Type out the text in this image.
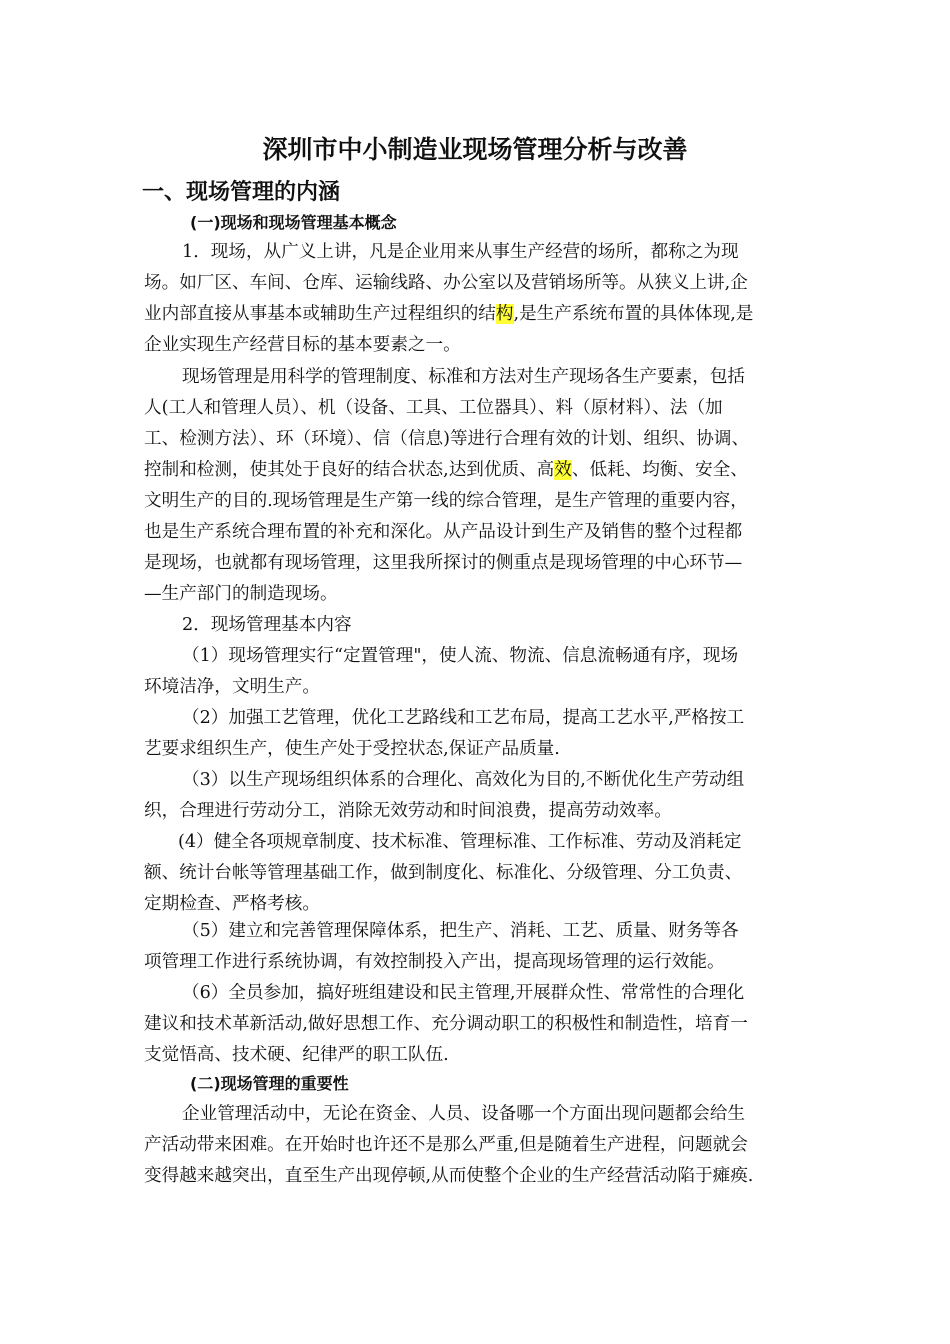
深圳市中小制造业现场管理分析与改善
一、现场管理的内涵
(一)现场和现场管理基本概念
1．现场，从广义上讲，凡是企业用来从事生产经营的场所，都称之为现
场。如厂区、车间、仓库、运输线路、办公室以及营销场所等。从狭义上讲,企
业内部直接从事基本或辅助生产过程组织的结构,是生产系统布置的具体体现,是
企业实现生产经营目标的基本要素之一。
现场管理是用科学的管理制度、标准和方法对生产现场各生产要素，包括
人(工人和管理人员）、机（设备、工具、工位器具）、料（原材料）、法（加
工、检测方法）、环（环境）、信（信息)等进行合理有效的计划、组织、协调、
控制和检测，使其处于良好的结合状态,达到优质、高效、低耗、均衡、安全、
文明生产的目的.现场管理是生产第一线的综合管理，是生产管理的重要内容，
也是生产系统合理布置的补充和深化。从产品设计到生产及销售的整个过程都
是现场，也就都有现场管理，这里我所探讨的侧重点是现场管理的中心环节—
—生产部门的制造现场。
2．现场管理基本内容
（1）现场管理实行“定置管理"，使人流、物流、信息流畅通有序，现场
环境洁净，文明生产。
（2）加强工艺管理，优化工艺路线和工艺布局，提高工艺水平,严格按工
艺要求组织生产，使生产处于受控状态,保证产品质量.
（3）以生产现场组织体系的合理化、高效化为目的,不断优化生产劳动组
织，合理进行劳动分工，消除无效劳动和时间浪费，提高劳动效率。
(4）健全各项规章制度、技术标准、管理标准、工作标准、劳动及消耗定
额、统计台帐等管理基础工作，做到制度化、标准化、分级管理、分工负责、
定期检查、严格考核。
（5）建立和完善管理保障体系，把生产、消耗、工艺、质量、财务等各
项管理工作进行系统协调，有效控制投入产出，提高现场管理的运行效能。
（6）全员参加，搞好班组建设和民主管理,开展群众性、常常性的合理化
建议和技术革新活动,做好思想工作、充分调动职工的积极性和制造性，培育一
支觉悟高、技术硬、纪律严的职工队伍.
(二)现场管理的重要性
企业管理活动中，无论在资金、人员、设备哪一个方面出现问题都会给生
产活动带来困难。在开始时也许还不是那么严重,但是随着生产进程，问题就会
变得越来越突出，直至生产出现停顿,从而使整个企业的生产经营活动陷于瘫痪.
